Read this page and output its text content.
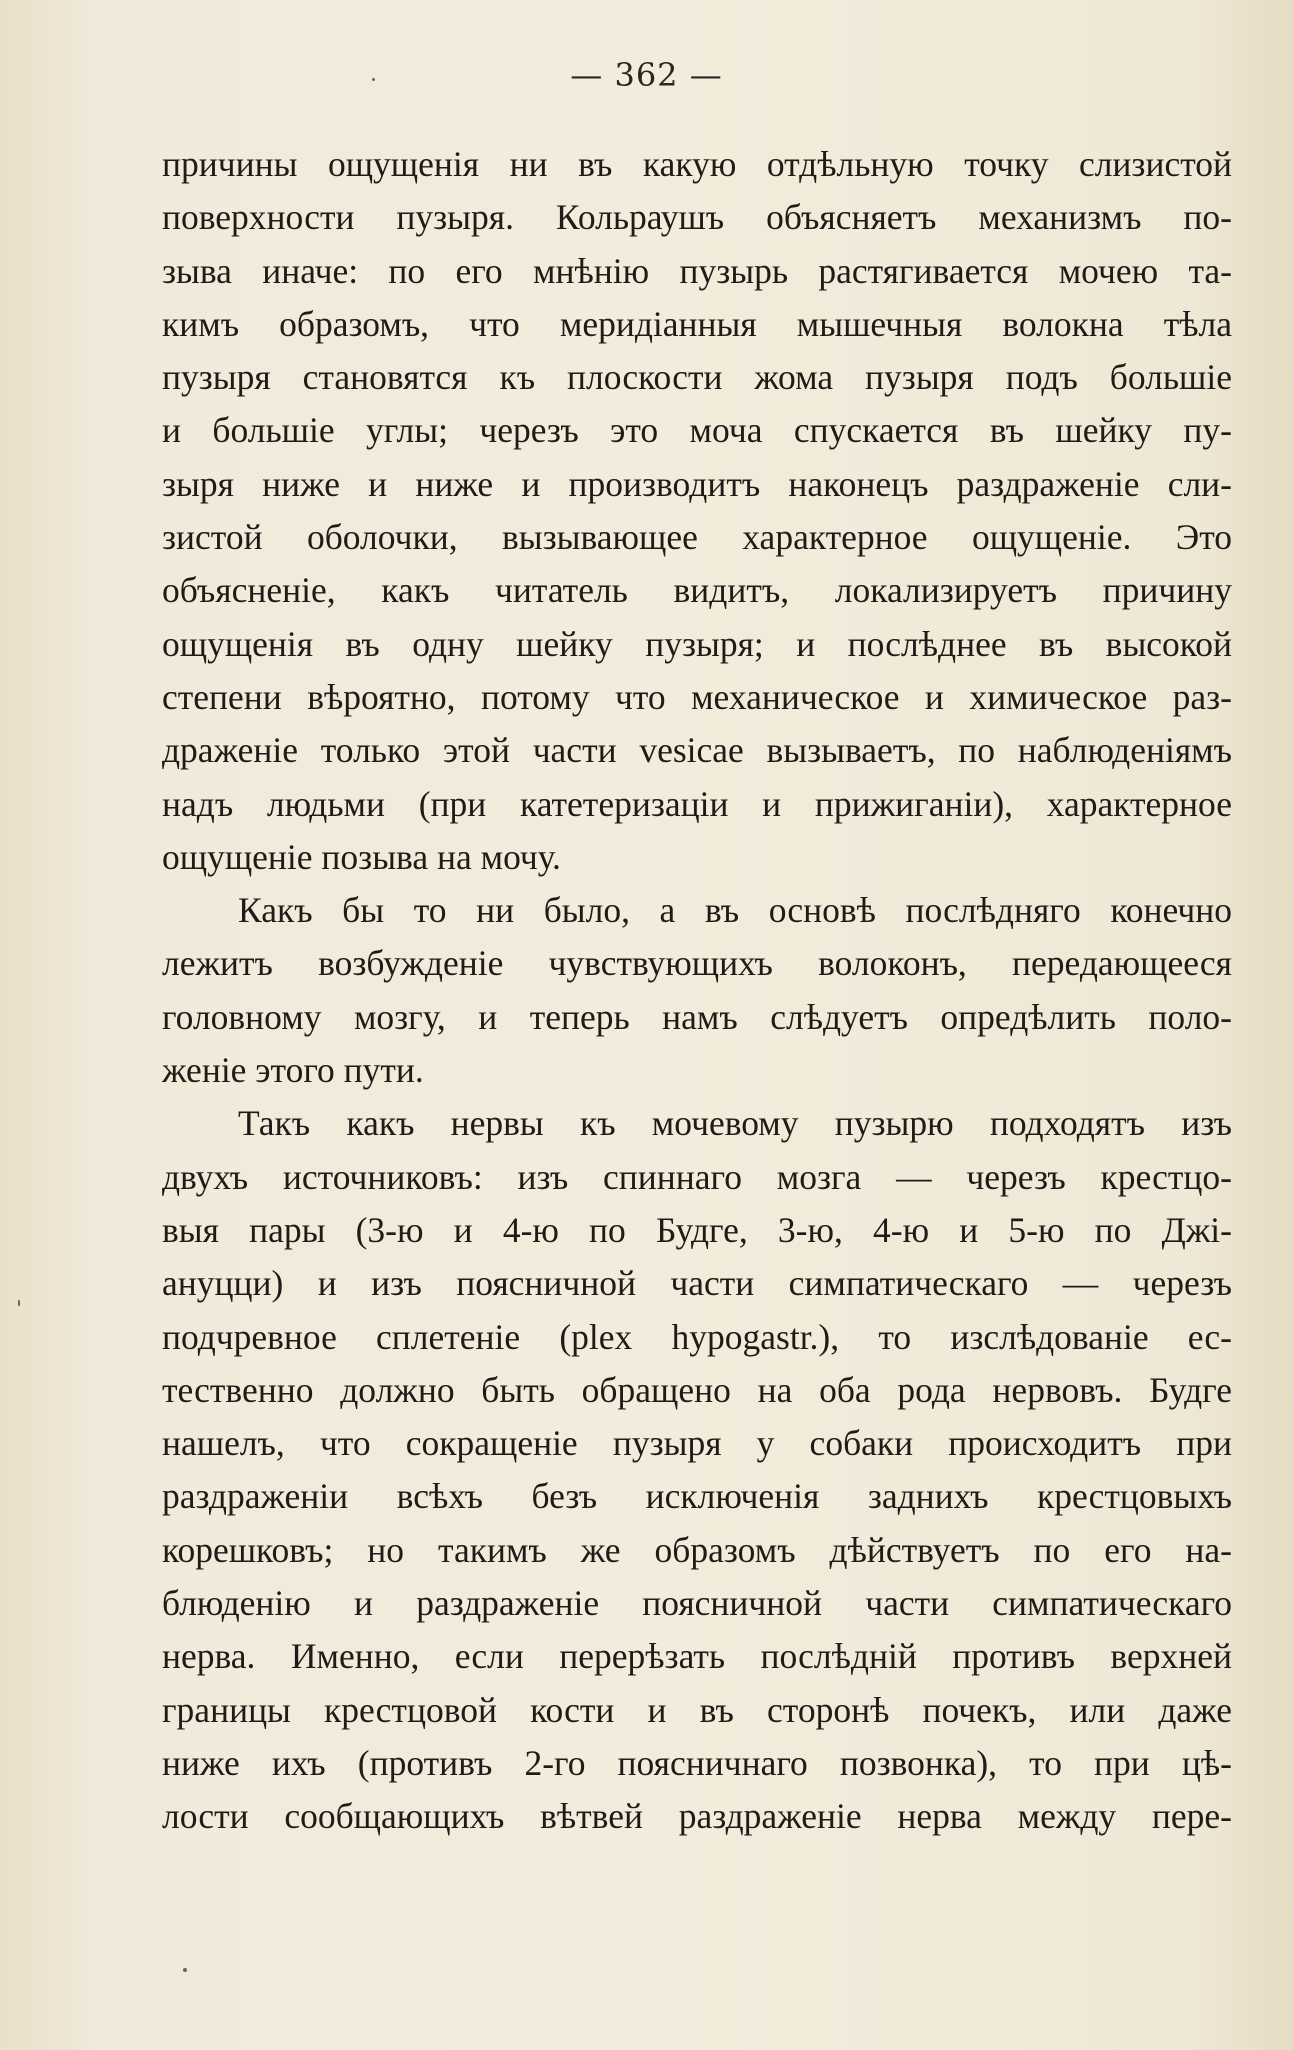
— 362 —
причины ощущенія ни въ какую отдѣльную точку слизистой
поверхности пузыря. Кольраушъ объясняетъ механизмъ по-
зыва иначе: по его мнѣнію пузырь растягивается мочею та-
кимъ образомъ, что меридіанныя мышечныя волокна тѣла
пузыря становятся къ плоскости жома пузыря подъ большіе
и большіе углы; черезъ это моча спускается въ шейку пу-
зыря ниже и ниже и производитъ наконецъ раздраженіе сли-
зистой оболочки, вызывающее характерное ощущеніе. Это
объясненіе, какъ читатель видитъ, локализируетъ причину
ощущенія въ одну шейку пузыря; и послѣднее въ высокой
степени вѣроятно, потому что механическое и химическое раз-
драженіе только этой части vesicae вызываетъ, по наблюденіямъ
надъ людьми (при катетеризаціи и прижиганіи), характерное
ощущеніе позыва на мочу.
Какъ бы то ни было, а въ основѣ послѣдняго конечно
лежитъ возбужденіе чувствующихъ волоконъ, передающееся
головному мозгу, и теперь намъ слѣдуетъ опредѣлить поло-
женіе этого пути.
Такъ какъ нервы къ мочевому пузырю подходятъ изъ
двухъ источниковъ: изъ спиннаго мозга — черезъ крестцо-
выя пары (3-ю и 4-ю по Будге, 3-ю, 4-ю и 5-ю по Джі-
ануцци) и изъ поясничной части симпатическаго — черезъ
подчревное сплетеніе (plex hypogastr.), то изслѣдованіе ес-
тественно должно быть обращено на оба рода нервовъ. Будге
нашелъ, что сокращеніе пузыря у собаки происходитъ при
раздраженіи всѣхъ безъ исключенія заднихъ крестцовыхъ
корешковъ; но такимъ же образомъ дѣйствуетъ по его на-
блюденію и раздраженіе поясничной части симпатическаго
нерва. Именно, если перерѣзать послѣдній противъ верхней
границы крестцовой кости и въ сторонѣ почекъ, или даже
ниже ихъ (противъ 2-го поясничнаго позвонка), то при цѣ-
лости сообщающихъ вѣтвей раздраженіе нерва между пере-
